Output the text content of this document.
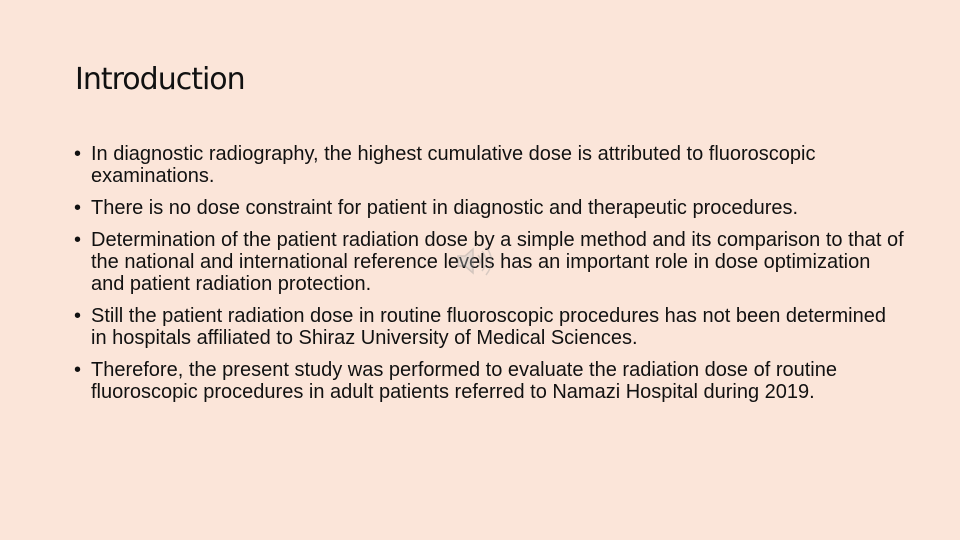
Introduction
• In diagnostic radiography, the highest cumulative dose is attributed to fluoroscopic examinations.
• There is no dose constraint for patient in diagnostic and therapeutic procedures.
• Determination of the patient radiation dose by a simple method and its comparison to that of the national and international reference levels has an important role in dose optimization and patient radiation protection.
• Still the patient radiation dose in routine fluoroscopic procedures has not been determined in hospitals affiliated to Shiraz University of Medical Sciences.
• Therefore, the present study was performed to evaluate the radiation dose of routine fluoroscopic procedures in adult patients referred to Namazi Hospital during 2019.
